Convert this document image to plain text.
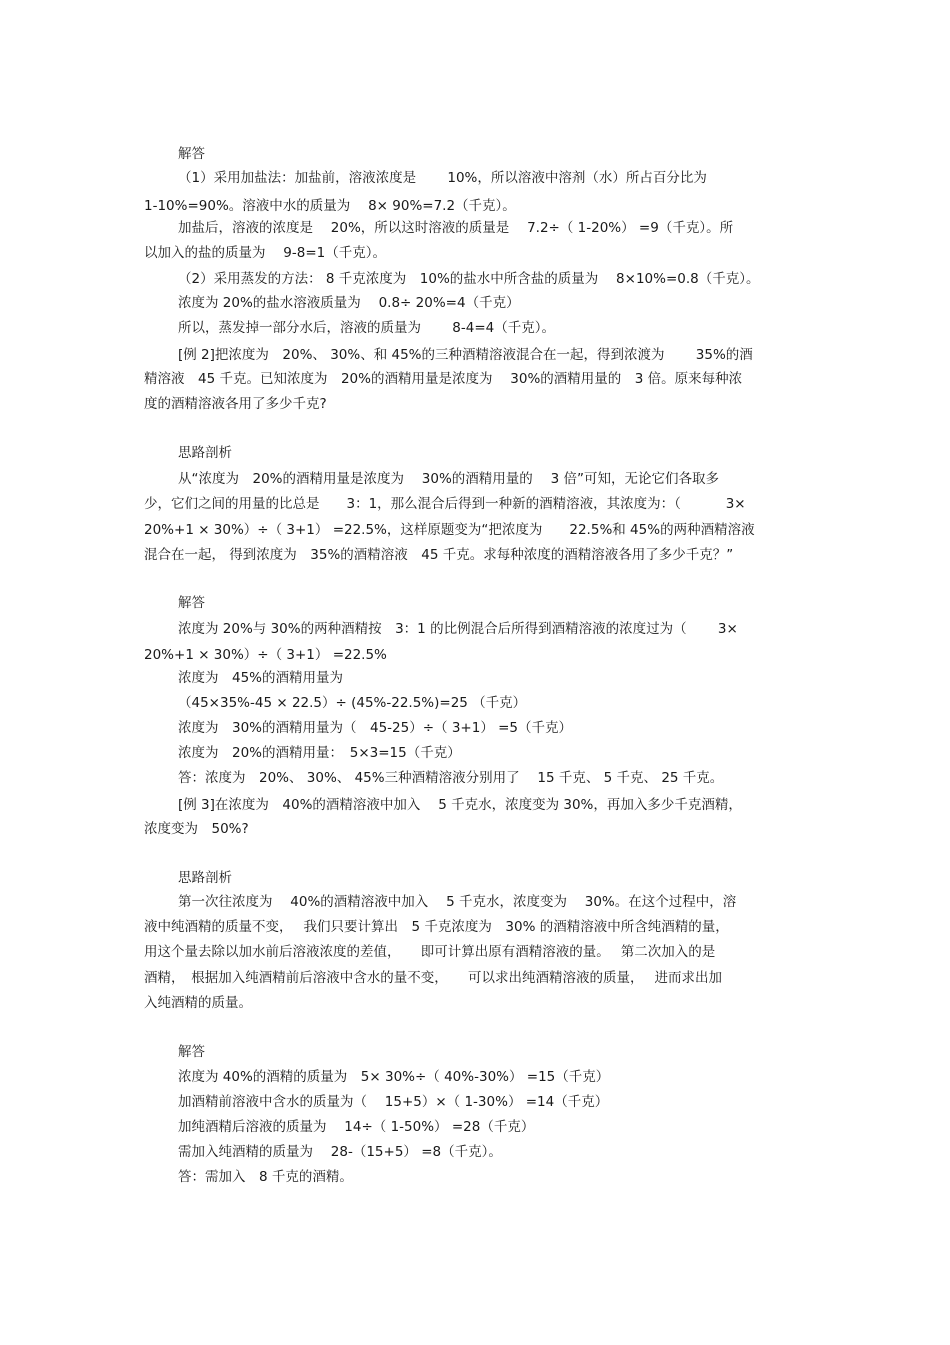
解答
（1）采用加盐法：加盐前，溶液浓度是　　 10%，所以溶液中溶剂（水）所占百分比为
1-10%=90%。溶液中水的质量为　 8× 90%=7.2（千克）。
加盐后，溶液的浓度是　 20%，所以这时溶液的质量是　 7.2÷（ 1-20%） =9（千克）。所
以加入的盐的质量为　 9-8=1（千克）。
（2）采用蒸发的方法： 8 千克浓度为　10%的盐水中所含盐的质量为　 8×10%=0.8（千克）。
浓度为 20%的盐水溶液质量为　 0.8÷ 20%=4（千克）
所以，蒸发掉一部分水后，溶液的质量为　　 8-4=4（千克）。
[例 2]把浓度为　20%、 30%、和 45%的三种酒精溶液混合在一起，得到浓渡为　　 35%的酒
精溶液　45 千克。已知浓度为　20%的酒精用量是浓度为　 30%的酒精用量的　3 倍。原来每种浓
度的酒精溶液各用了多少千克?
思路剖析
从“浓度为　20%的酒精用量是浓度为　 30%的酒精用量的　 3 倍”可知，无论它们各取多
少，它们之间的用量的比总是　　3：1，那么混合后得到一种新的酒精溶液，其浓度为：（　　　 3×
20%+1 × 30%）÷（ 3+1） =22.5%，这样原题变为“把浓度为　　22.5%和 45%的两种酒精溶液
混合在一起， 得到浓度为　35%的酒精溶液　45 千克。求每种浓度的酒精溶液各用了多少千克？”
解答
浓度为 20%与 30%的两种酒精按　3：1 的比例混合后所得到酒精溶液的浓度过为（　　 3×
20%+1 × 30%）÷（ 3+1） =22.5%
浓度为　45%的酒精用量为
（45×35%-45 × 22.5）÷ (45%-22.5%)=25 （千克）
浓度为　30%的酒精用量为（　45-25）÷（ 3+1） =5（千克）
浓度为　20%的酒精用量：　5×3=15（千克）
答：浓度为　20%、 30%、 45%三种酒精溶液分别用了　 15 千克、 5 千克、 25 千克。
[例 3]在浓度为　40%的酒精溶液中加入　 5 千克水，浓度变为 30%，再加入多少千克酒精，
浓度变为　50%?
思路剖析
第一次往浓度为　 40%的酒精溶液中加入　 5 千克水，浓度变为　 30%。在这个过程中，溶
液中纯酒精的质量不变，　 我们只要计算出　5 千克浓度为　30% 的酒精溶液中所含纯酒精的量，
用这个量去除以加水前后溶液浓度的差值，　　即可计算出原有酒精溶液的量。　 第二次加入的是
酒精，　根据加入纯酒精前后溶液中含水的量不变，　　可以求出纯酒精溶液的质量，　 进而求出加
入纯酒精的质量。
解答
浓度为 40%的酒精的质量为　5× 30%÷（ 40%-30%） =15（千克）
加酒精前溶液中含水的质量为（　 15+5）×（ 1-30%） =14（千克）
加纯酒精后溶液的质量为　 14÷（ 1-50%） =28（千克）
需加入纯酒精的质量为　 28-（15+5） =8（千克）。
答：需加入　8 千克的酒精。
